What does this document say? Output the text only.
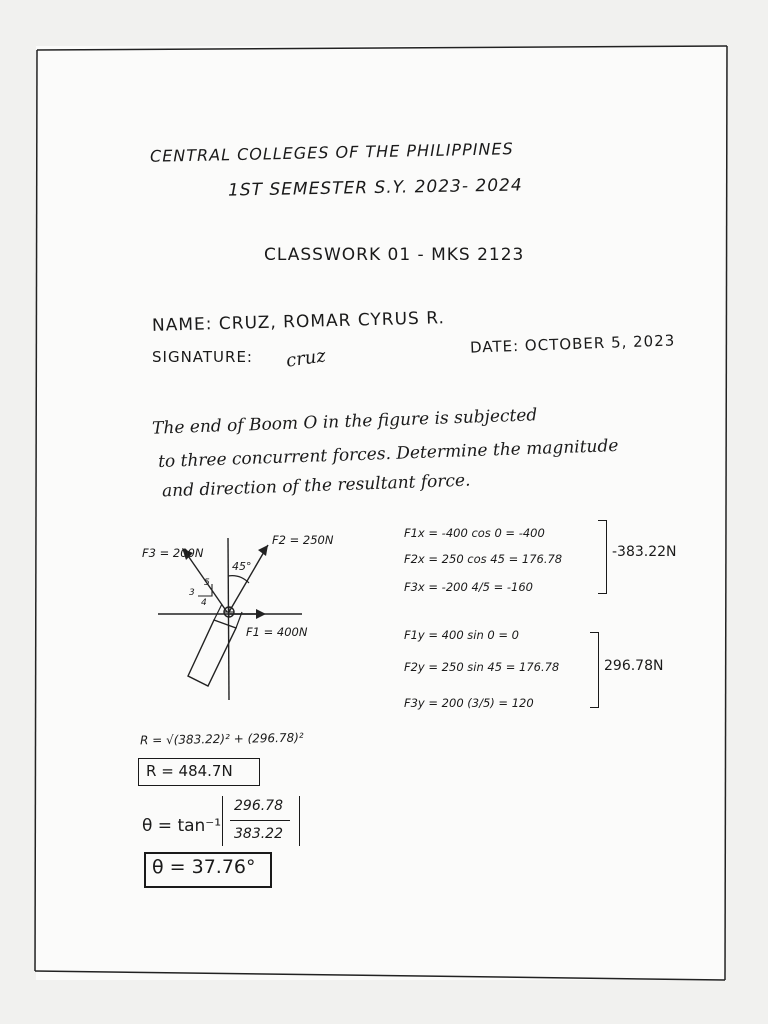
CENTRAL COLLEGES OF THE PHILIPPINES
1ST SEMESTER S.Y. 2023- 2024
CLASSWORK 01 - MKS 2123
NAME: CRUZ, ROMAR CYRUS R.
SIGNATURE: cruz
DATE: OCTOBER 5, 2023
The end of Boom O in the figure is subjected
to three concurrent forces. Determine the magnitude
and direction of the resultant force.
F3 = 200N
F2 = 250N
F1 = 400N
45°
3
4
5
F1x = -400 cos 0 = -400
F2x = 250 cos 45 = 176.78
F3x = -200 4/5 = -160
-383.22N
F1y = 400 sin 0 = 0
F2y = 250 sin 45 = 176.78
F3y = 200 (3/5) = 120
296.78N
R = √(383.22)² + (296.78)²
R = 484.7N
θ = tan⁻¹
296.78
383.22
θ = 37.76°
